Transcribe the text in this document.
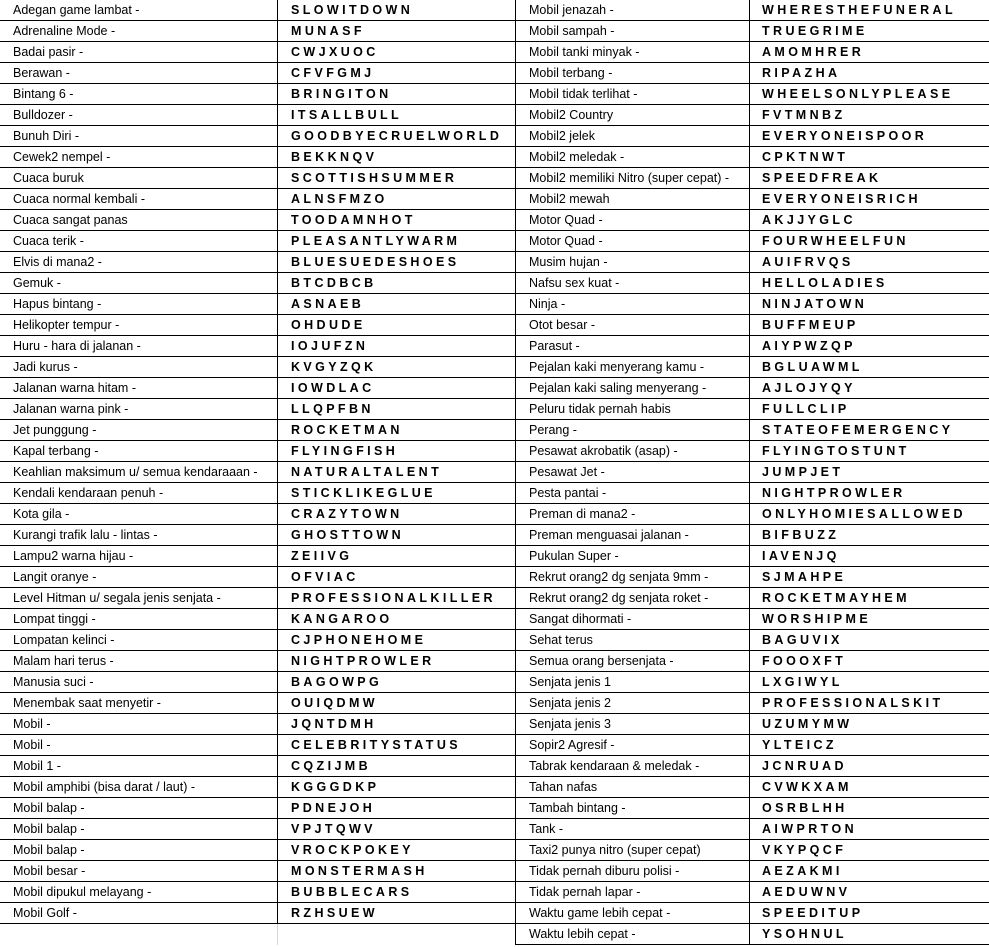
Adegan game lambat -	SLOWITDOWN
Adrenaline Mode -	MUNASF
Badai pasir -	CWJXUOC
Berawan -	CFVFGMJ
Bintang 6 -	BRINGITON
Bulldozer -	ITSALLBULL
Bunuh Diri -	GOODBYECRUELWORLD
Cewek2 nempel -	BEKKNQV
Cuaca buruk	SCOTTISHSUMMER
Cuaca normal kembali -	ALNSFMZO
Cuaca sangat panas	TOODAMNHOT
Cuaca terik -	PLEASANTLYWARM
Elvis di mana2 -	BLUESUEDESHOES
Gemuk -	BTCDBCB
Hapus bintang -	ASNAEB
Helikopter tempur -	OHDUDE
Huru - hara di jalanan -	IOJUFZN
Jadi kurus -	KVGYZQK
Jalanan warna hitam -	IOWDLAC
Jalanan warna pink -	LLQPFBN
Jet punggung -	ROCKETMAN
Kapal terbang -	FLYINGFISH
Keahlian maksimum u/ semua kendaraaan -	NATURALTALENT
Kendali kendaraan penuh -	STICKLIKEGLUE
Kota gila -	CRAZYTOWN
Kurangi trafik lalu - lintas -	GHOSTTOWN
Lampu2 warna hijau -	ZEIIVG
Langit oranye -	OFVIAC
Level Hitman u/ segala jenis senjata -	PROFESSIONALKILLER
Lompat tinggi -	KANGAROO
Lompatan kelinci -	CJPHONEHOME
Malam hari terus -	NIGHTPROWLER
Manusia suci -	BAGOWPG
Menembak saat menyetir -	OUIQDMW
Mobil -	JQNTDMH
Mobil -	CELEBRITYSTATUS
Mobil 1 -	CQZIJMB
Mobil amphibi (bisa darat / laut) -	KGGGDKP
Mobil balap -	PDNEJOH
Mobil balap -	VPJTQWV
Mobil balap -	VROCKPOKEY
Mobil besar -	MONSTERMASH
Mobil dipukul melayang -	BUBBLECARS
Mobil Golf -	RZHSUEW
Mobil jenazah -	WHERESTHEFUNERAL
Mobil sampah -	TRUEGRIME
Mobil tanki minyak -	AMOMHRER
Mobil terbang -	RIPAZHA
Mobil tidak terlihat -	WHEELSONLYPLEASE
Mobil2 Country	FVTMNBZ
Mobil2 jelek	EVERYONEISPOOR
Mobil2 meledak -	CPKTNWT
Mobil2 memiliki Nitro (super cepat) -	SPEEDFREAK
Mobil2 mewah	EVERYONEISRICH
Motor Quad -	AKJJYGLC
Motor Quad -	FOURWHEELFUN
Musim hujan -	AUIFRVQS
Nafsu sex kuat -	HELLOLADIES
Ninja -	NINJATOWN
Otot besar -	BUFFMEUP
Parasut -	AIYPWZQP
Pejalan kaki menyerang kamu -	BGLUAWML
Pejalan kaki saling menyerang -	AJLOJYQY
Peluru tidak pernah habis	FULLCLIP
Perang -	STATEOFEMERGENCY
Pesawat akrobatik (asap) -	FLYINGTOSTUNT
Pesawat Jet -	JUMPJET
Pesta pantai -	NIGHTPROWLER
Preman di mana2 -	ONLYHOMIESALLOWED
Preman menguasai jalanan -	BIFBUZZ
Pukulan Super -	IAVENJQ
Rekrut orang2 dg senjata 9mm -	SJMAHPE
Rekrut orang2 dg senjata roket -	ROCKETMAYHEM
Sangat dihormati -	WORSHIPME
Sehat terus	BAGUVIX
Semua orang bersenjata -	FOOOXFT
Senjata jenis 1	LXGIWYL
Senjata jenis 2	PROFESSIONALSKIT
Senjata jenis 3	UZUMYMW
Sopir2 Agresif -	YLTEICZ
Tabrak kendaraan & meledak -	JCNRUAD
Tahan nafas	CVWKXAM
Tambah bintang -	OSRBLHH
Tank -	AIWPRTON
Taxi2 punya nitro (super cepat)	VKYPQCF
Tidak pernah diburu polisi -	AEZAKMI
Tidak pernah lapar -	AEDUWNV
Waktu game lebih cepat -	SPEEDITUP
Waktu lebih cepat -	YSOHNUL
